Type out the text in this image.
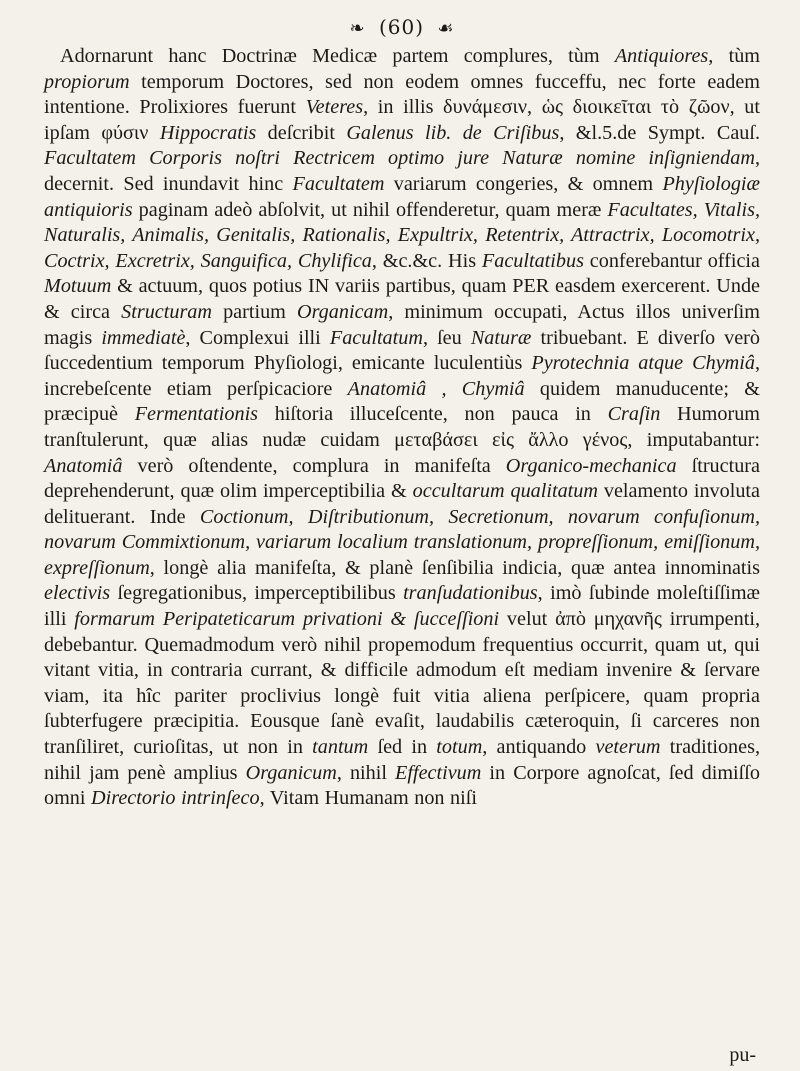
❧ (60) ☙

Adornarunt hanc Doctrinæ Medicæ partem complures, tùm Antiquiores, tùm propiorum temporum Doctores, sed non eodem omnes fucceffu, nec forte eadem intentione. Prolixiores fuerunt Veteres, in illis δυνάμεσιν, ὡς διοικεῖται τὸ ζῶον, ut ipſam φύσιν Hippocratis deſcribit Galenus lib. de Criſibus, &l.5.de Sympt. Cauſ. Facultatem Corporis noſtri Rectricem optimo jure Naturæ nomine inſigniendam, decernit. Sed inundavit hinc Facultatem variarum congeries, & omnem Phyſiologiæ antiquioris paginam adeò abſolvit, ut nihil offenderetur, quam meræ Facultates, Vitalis, Naturalis, Animalis, Genitalis, Rationalis, Expultrix, Retentrix, Attractrix, Locomotrix, Coctrix, Excretrix, Sanguifica, Chylifica, &c.&c. His Facultatibus conferebantur officia Motuum & actuum, quos potius IN variis partibus, quam PER easdem exercerent. Unde & circa Structuram partium Organicam, minimum occupati, Actus illos univerſim magis immediatè, Complexui illi Facultatum, ſeu Naturæ tribuebant. E diverſo verò ſuccedentium temporum Phyſiologi, emicante luculentiùs Pyrotechnia atque Chymiâ, increbeſcente etiam perſpicaciore Anatomiâ , Chymiâ quidem manuducente; & præcipuè Fermentationis hiſtoria illuceſcente, non pauca in Craſin Humorum tranſtulerunt, quæ alias nudæ cuidam μεταβάσει εἰς ἄλλο γένος, imputabantur: Anatomiâ verò oſtendente, complura in manifeſta Organico-mechanica ſtructura deprehenderunt, quæ olim imperceptibilia & occultarum qualitatum velamento involuta delituerant. Inde Coctionum, Diſtributionum, Secretionum, novarum confuſionum, novarum Commixtionum, variarum localium translationum, propreſſionum, emiſſionum, expreſſionum, longè alia manifeſta, & planè ſenſibilia indicia, quæ antea innominatis electivis ſegregationibus, imperceptibilibus tranſudationibus, imò ſubinde moleſtiſſimæ illi formarum Peripateticarum privationi & ſucceſſioni velut ἀπὸ μηχανῆς irrumpenti, debebantur. Quemadmodum verò nihil propemodum frequentius occurrit, quam ut, qui vitant vitia, in contraria currant, & difficile admodum eſt mediam invenire & ſervare viam, ita hîc pariter proclivius longè fuit vitia aliena perſpicere, quam propria ſubterfugere præcipitia. Eousque ſanè evaſit, laudabilis cæteroquin, ſi carceres non tranſiliret, curioſitas, ut non in tantum ſed in totum, antiquando veterum traditiones, nihil jam penè amplius Organicum, nihil Effectivum in Corpore agnoſcat, ſed dimiſſo omni Directorio intrinſeco, Vitam Humanam non niſi

pu-
